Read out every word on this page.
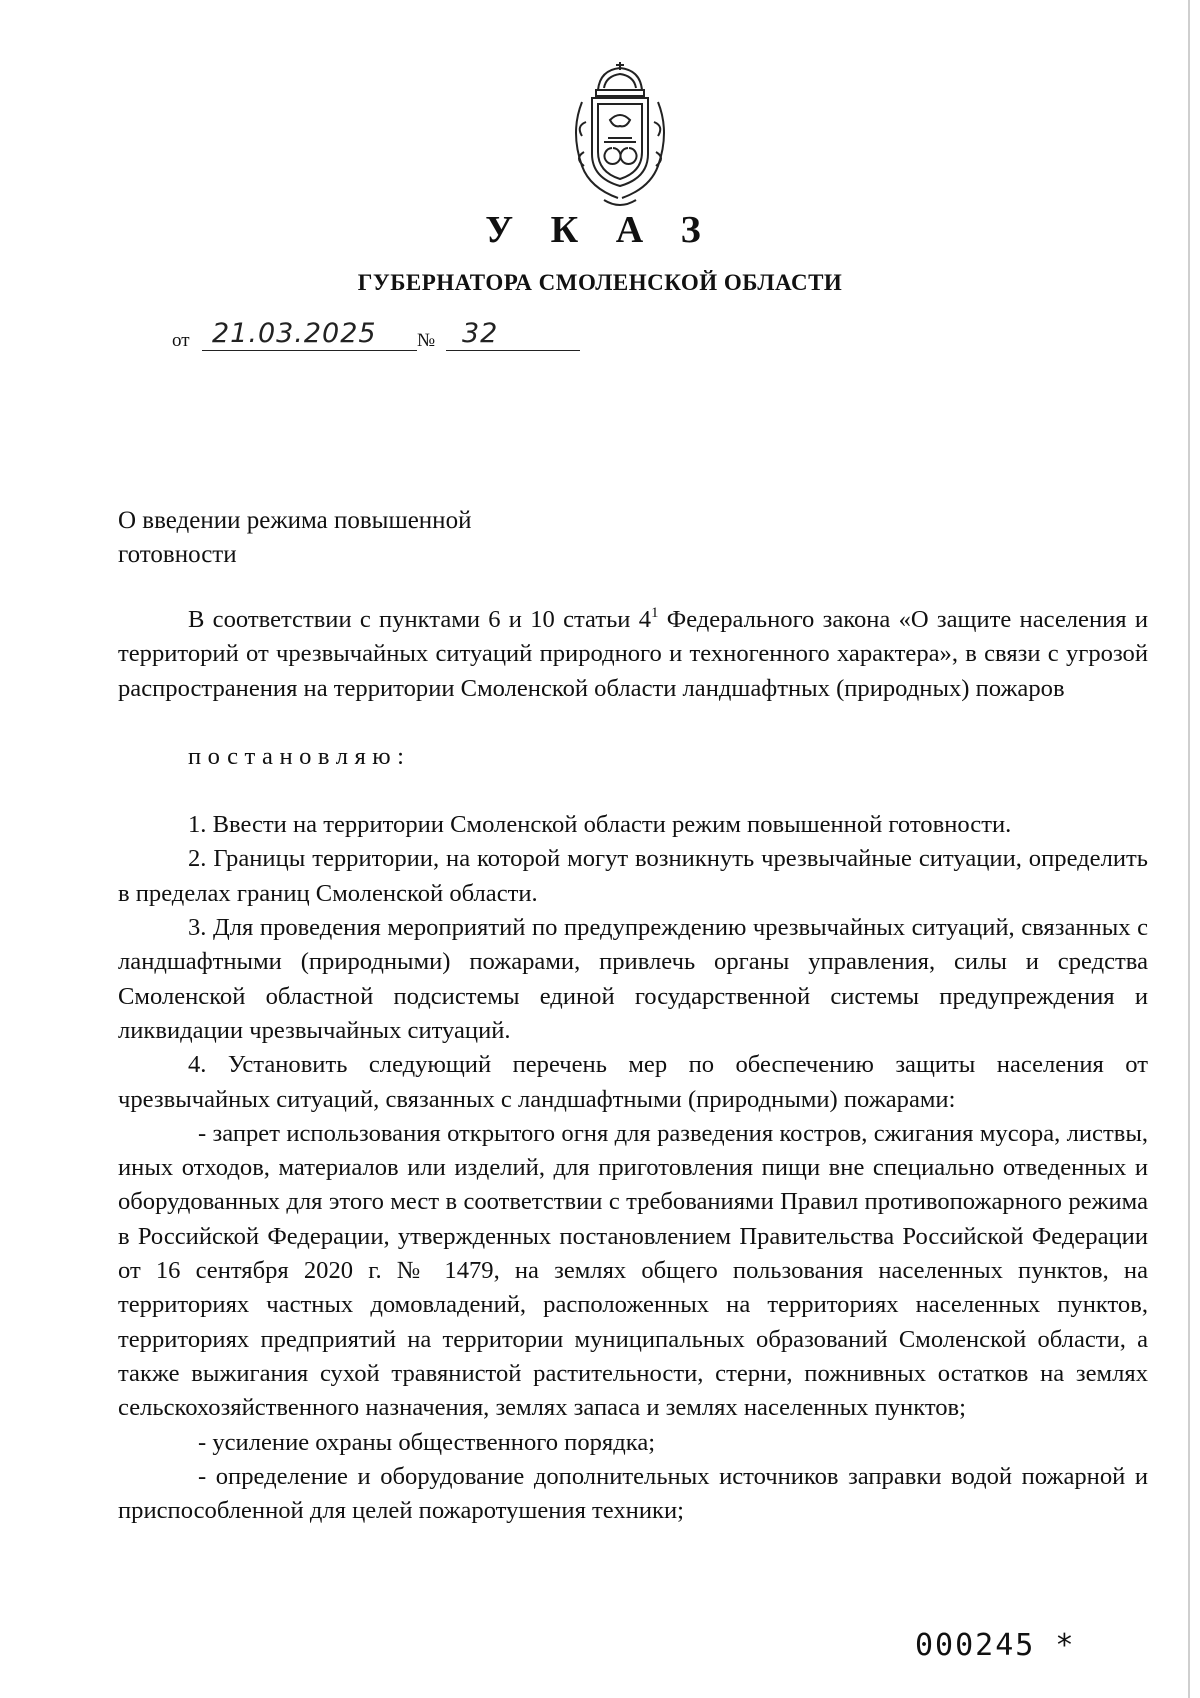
У К А З
ГУБЕРНАТОРА СМОЛЕНСКОЙ ОБЛАСТИ
от 21.03.2025 № 32
О введении режима повышенной
готовности

В соответствии с пунктами 6 и 10 статьи $4^1$ Федерального закона «О защите населения и территорий от чрезвычайных ситуаций природного и техногенного характера», в связи с угрозой распространения на территории Смоленской области ландшафтных (природных) пожаров

постановляю:

1. Ввести на территории Смоленской области режим повышенной готовности.

2. Границы территории, на которой могут возникнуть чрезвычайные ситуации, определить в пределах границ Смоленской области.

3. Для проведения мероприятий по предупреждению чрезвычайных ситуаций, связанных с ландшафтными (природными) пожарами, привлечь органы управления, силы и средства Смоленской областной подсистемы единой государственной системы предупреждения и ликвидации чрезвычайных ситуаций.

4. Установить следующий перечень мер по обеспечению защиты населения от чрезвычайных ситуаций, связанных с ландшафтными (природными) пожарами:

- запрет использования открытого огня для разведения костров, сжигания мусора, листвы, иных отходов, материалов или изделий, для приготовления пищи вне специально отведенных и оборудованных для этого мест в соответствии с требованиями Правил противопожарного режима в Российской Федерации, утвержденных постановлением Правительства Российской Федерации от 16 сентября 2020 г. № 1479, на землях общего пользования населенных пунктов, на территориях частных домовладений, расположенных на территориях населенных пунктов, территориях предприятий на территории муниципальных образований Смоленской области, а также выжигания сухой травянистой растительности, стерни, пожнивных остатков на землях сельскохозяйственного назначения, землях запаса и землях населенных пунктов;

- усиление охраны общественного порядка;

- определение и оборудование дополнительных источников заправки водой пожарной и приспособленной для целей пожаротушения техники;

000245 *
